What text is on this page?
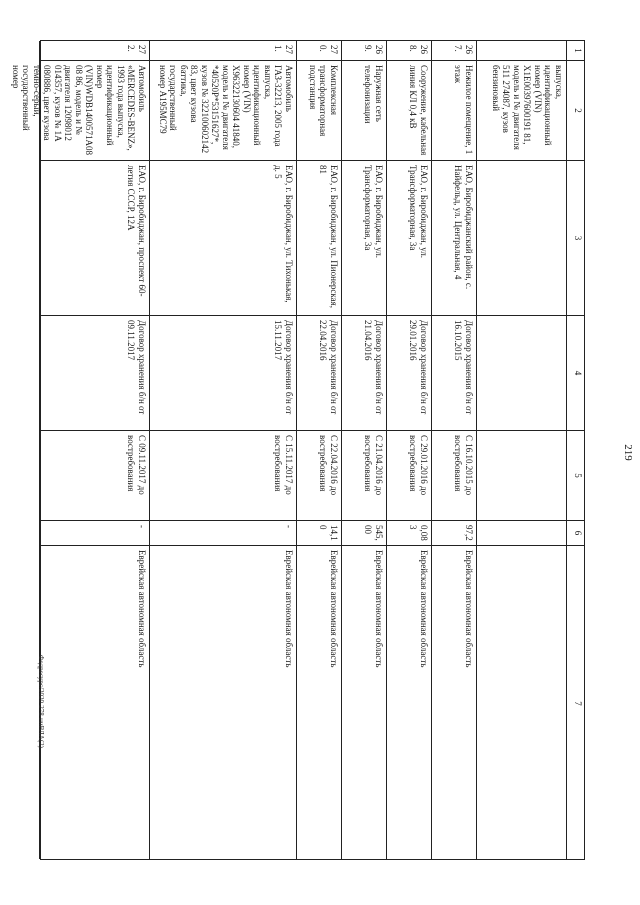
219
1
2
3
4
5
6
7
выпуска, идентификационный номер (VIN) X1E00397600191 81, модель и № двигателя 511 274087, кузов бензиновый
267.
Нежилое помещение, 1 этаж
ЕАО, Биробиджанский район, с. Найфельд, ул. Центральная, 4
Договор хранения б/н от 16.10.2015
С 16.10.2015 до востребования
97,2
Еврейская автономная область
268.
Сооружение, кабельная линия КЛ 0,4 кВ
ЕАО, г. Биробиджан, ул. Трансформаторная, 3а
Договор хранения б/н от 29.01.2016
С 29.01.2016 до востребования
0,083
Еврейская автономная область
269.
Наружная сеть телефонизации
ЕАО, г. Биробиджан, ул. Трансформаторная, 3а
Договор хранения б/н от 21.04.2016
С 21.04.2016 до востребования
545,00
Еврейская автономная область
270.
Комплексная трансформаторная подстанция
ЕАО, г. Биробиджан, ул. Пионерская, 81
Договор хранения б/н от 22.04.2016
С 22.04.2016 до востребования
14,10
Еврейская автономная область
271.
Автомобиль ГАЗ-32213, 2005 года выпуска, идентификационный номер (VIN) X96322130604 41840, модель и № двигателя *40520Р*53151627*, кузов № 322100602142 83, цвет кузова баттика, государственный номер А195МС79
ЕАО, г. Биробиджан, ул. Тихонькая, д. 5
Договор хранения б/н от 15.11.2017
С 15.11.2017 до востребования
-
Еврейская автономная область
272.
Автомобиль «MERCEDES-BENZ», 1993 года выпуска, идентификационный номер (VIN)WDB1400571A0808 86, модель и № двигателя 12098012 014357, кузов № 1А 080886, цвет кузова темно-серый, государственный номер
ЕАО, г. Биробиджан, проспект 60-летия СССР, 12А
Договор хранения б/н от 09.11.2017
С 09.11.2017 до востребования
-
Еврейская автономная область
Федресурс/2020-278-ниВЛА(2)
